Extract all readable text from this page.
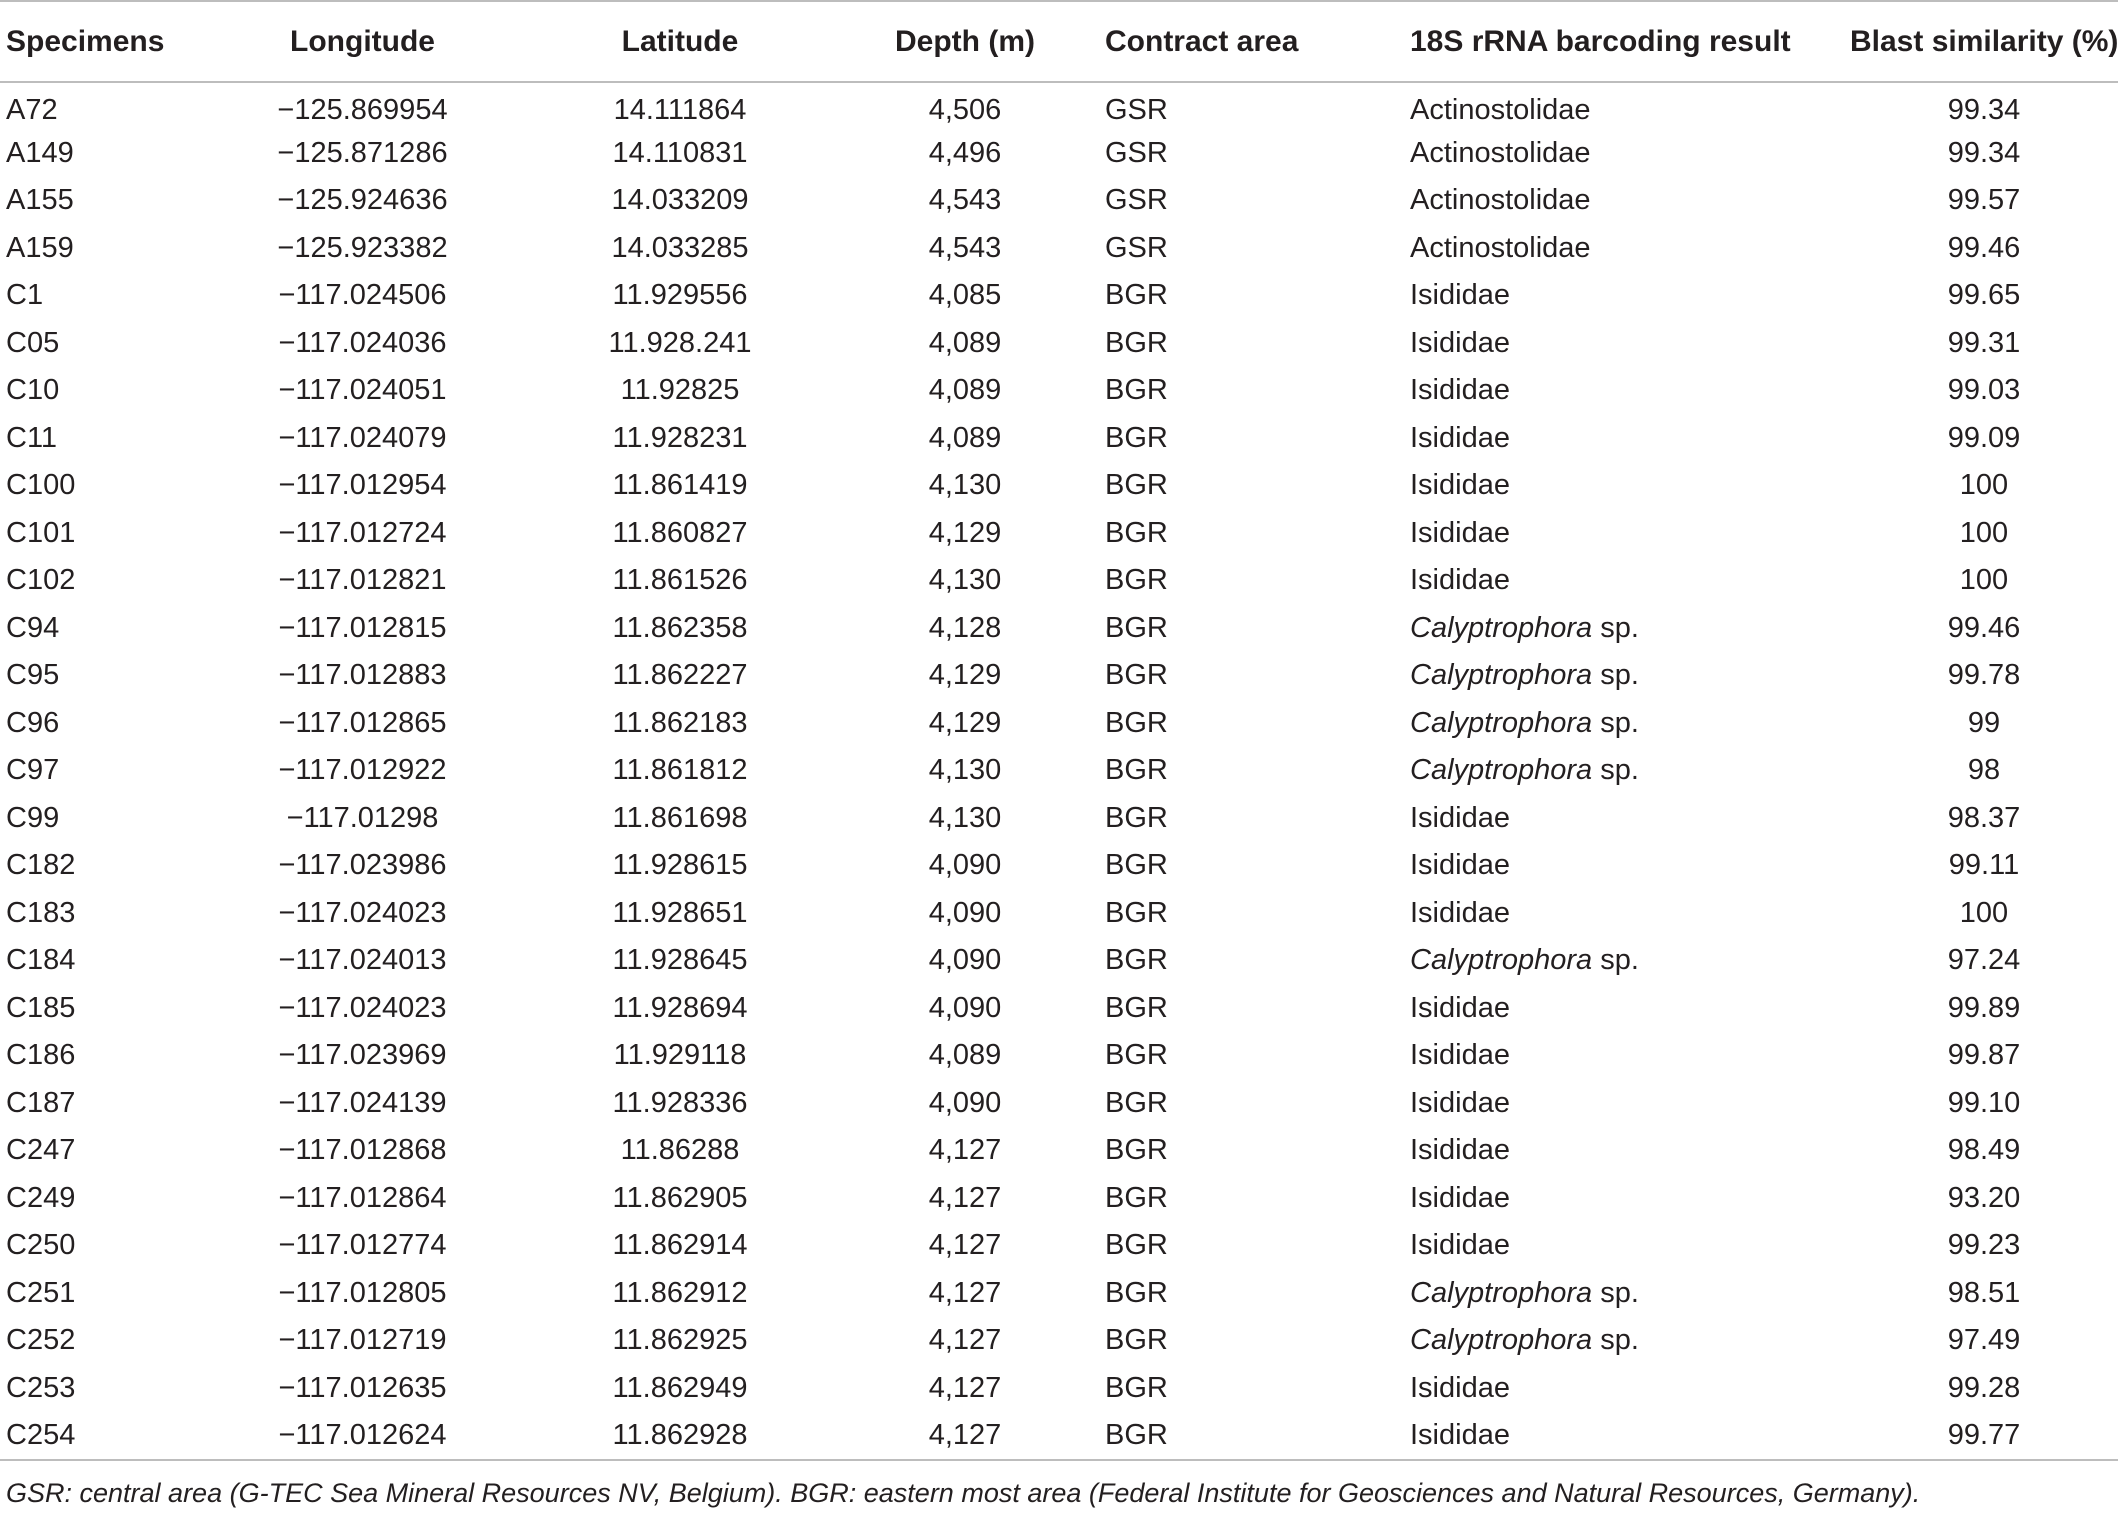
Specimens	Longitude	Latitude	Depth (m)	Contract area	18S rRNA barcoding result	Blast similarity (%)
A72	−125.869954	14.111864	4,506	GSR	Actinostolidae	99.34
A149	−125.871286	14.110831	4,496	GSR	Actinostolidae	99.34
A155	−125.924636	14.033209	4,543	GSR	Actinostolidae	99.57
A159	−125.923382	14.033285	4,543	GSR	Actinostolidae	99.46
C1	−117.024506	11.929556	4,085	BGR	Isididae	99.65
C05	−117.024036	11.928.241	4,089	BGR	Isididae	99.31
C10	−117.024051	11.92825	4,089	BGR	Isididae	99.03
C11	−117.024079	11.928231	4,089	BGR	Isididae	99.09
C100	−117.012954	11.861419	4,130	BGR	Isididae	100
C101	−117.012724	11.860827	4,129	BGR	Isididae	100
C102	−117.012821	11.861526	4,130	BGR	Isididae	100
C94	−117.012815	11.862358	4,128	BGR	Calyptrophora sp.	99.46
C95	−117.012883	11.862227	4,129	BGR	Calyptrophora sp.	99.78
C96	−117.012865	11.862183	4,129	BGR	Calyptrophora sp.	99
C97	−117.012922	11.861812	4,130	BGR	Calyptrophora sp.	98
C99	−117.01298	11.861698	4,130	BGR	Isididae	98.37
C182	−117.023986	11.928615	4,090	BGR	Isididae	99.11
C183	−117.024023	11.928651	4,090	BGR	Isididae	100
C184	−117.024013	11.928645	4,090	BGR	Calyptrophora sp.	97.24
C185	−117.024023	11.928694	4,090	BGR	Isididae	99.89
C186	−117.023969	11.929118	4,089	BGR	Isididae	99.87
C187	−117.024139	11.928336	4,090	BGR	Isididae	99.10
C247	−117.012868	11.86288	4,127	BGR	Isididae	98.49
C249	−117.012864	11.862905	4,127	BGR	Isididae	93.20
C250	−117.012774	11.862914	4,127	BGR	Isididae	99.23
C251	−117.012805	11.862912	4,127	BGR	Calyptrophora sp.	98.51
C252	−117.012719	11.862925	4,127	BGR	Calyptrophora sp.	97.49
C253	−117.012635	11.862949	4,127	BGR	Isididae	99.28
C254	−117.012624	11.862928	4,127	BGR	Isididae	99.77
GSR: central area (G-TEC Sea Mineral Resources NV, Belgium). BGR: eastern most area (Federal Institute for Geosciences and Natural Resources, Germany).
